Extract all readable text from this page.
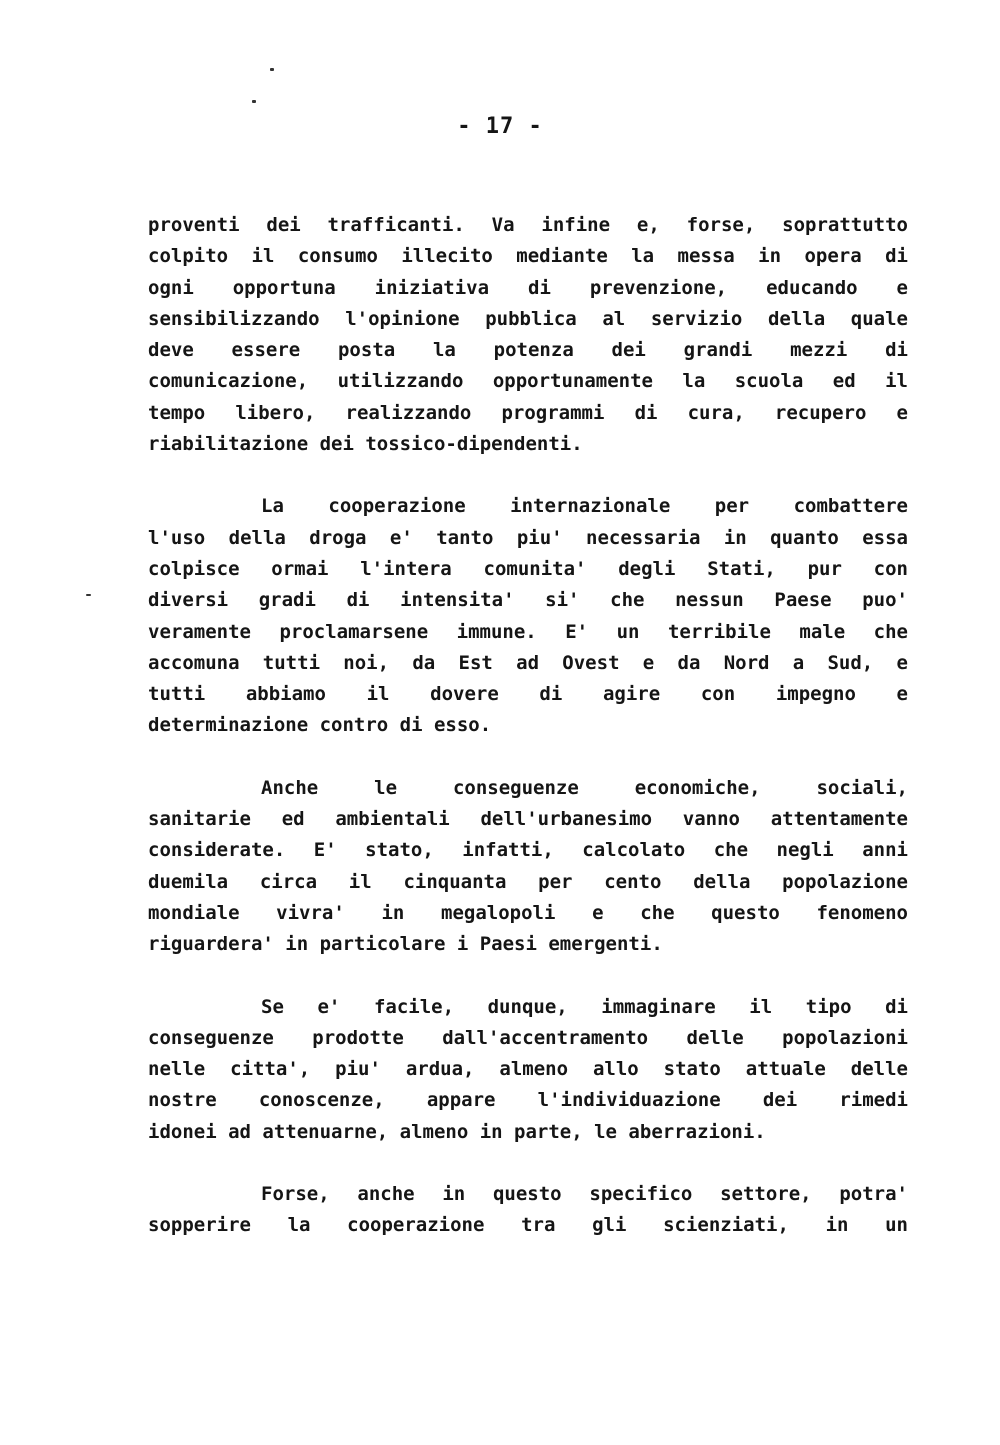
- 17 -
proventi dei trafficanti. Va infine e, forse, soprattutto
colpito il consumo illecito mediante la messa in opera di
ogni opportuna iniziativa di prevenzione, educando e
sensibilizzando l'opinione pubblica al servizio della quale
deve essere posta la potenza dei grandi mezzi di
comunicazione, utilizzando opportunamente la scuola ed il
tempo libero, realizzando programmi di cura, recupero e
riabilitazione dei tossico-dipendenti.
La cooperazione internazionale per combattere
l'uso della droga e' tanto piu' necessaria in quanto essa
colpisce ormai l'intera comunita' degli Stati, pur con
diversi gradi di intensita' si' che nessun Paese puo'
veramente proclamarsene immune. E' un terribile male che
accomuna tutti noi, da Est ad Ovest e da Nord a Sud, e
tutti abbiamo il dovere di agire con impegno e
determinazione contro di esso.
Anche le conseguenze economiche, sociali,
sanitarie ed ambientali dell'urbanesimo vanno attentamente
considerate. E' stato, infatti, calcolato che negli anni
duemila circa il cinquanta per cento della popolazione
mondiale vivra' in megalopoli e che questo fenomeno
riguardera' in particolare i Paesi emergenti.
Se e' facile, dunque, immaginare il tipo di
conseguenze prodotte dall'accentramento delle popolazioni
nelle citta', piu' ardua, almeno allo stato attuale delle
nostre conoscenze, appare l'individuazione dei rimedi
idonei ad attenuarne, almeno in parte, le aberrazioni.
Forse, anche in questo specifico settore, potra'
sopperire la cooperazione tra gli scienziati, in un
